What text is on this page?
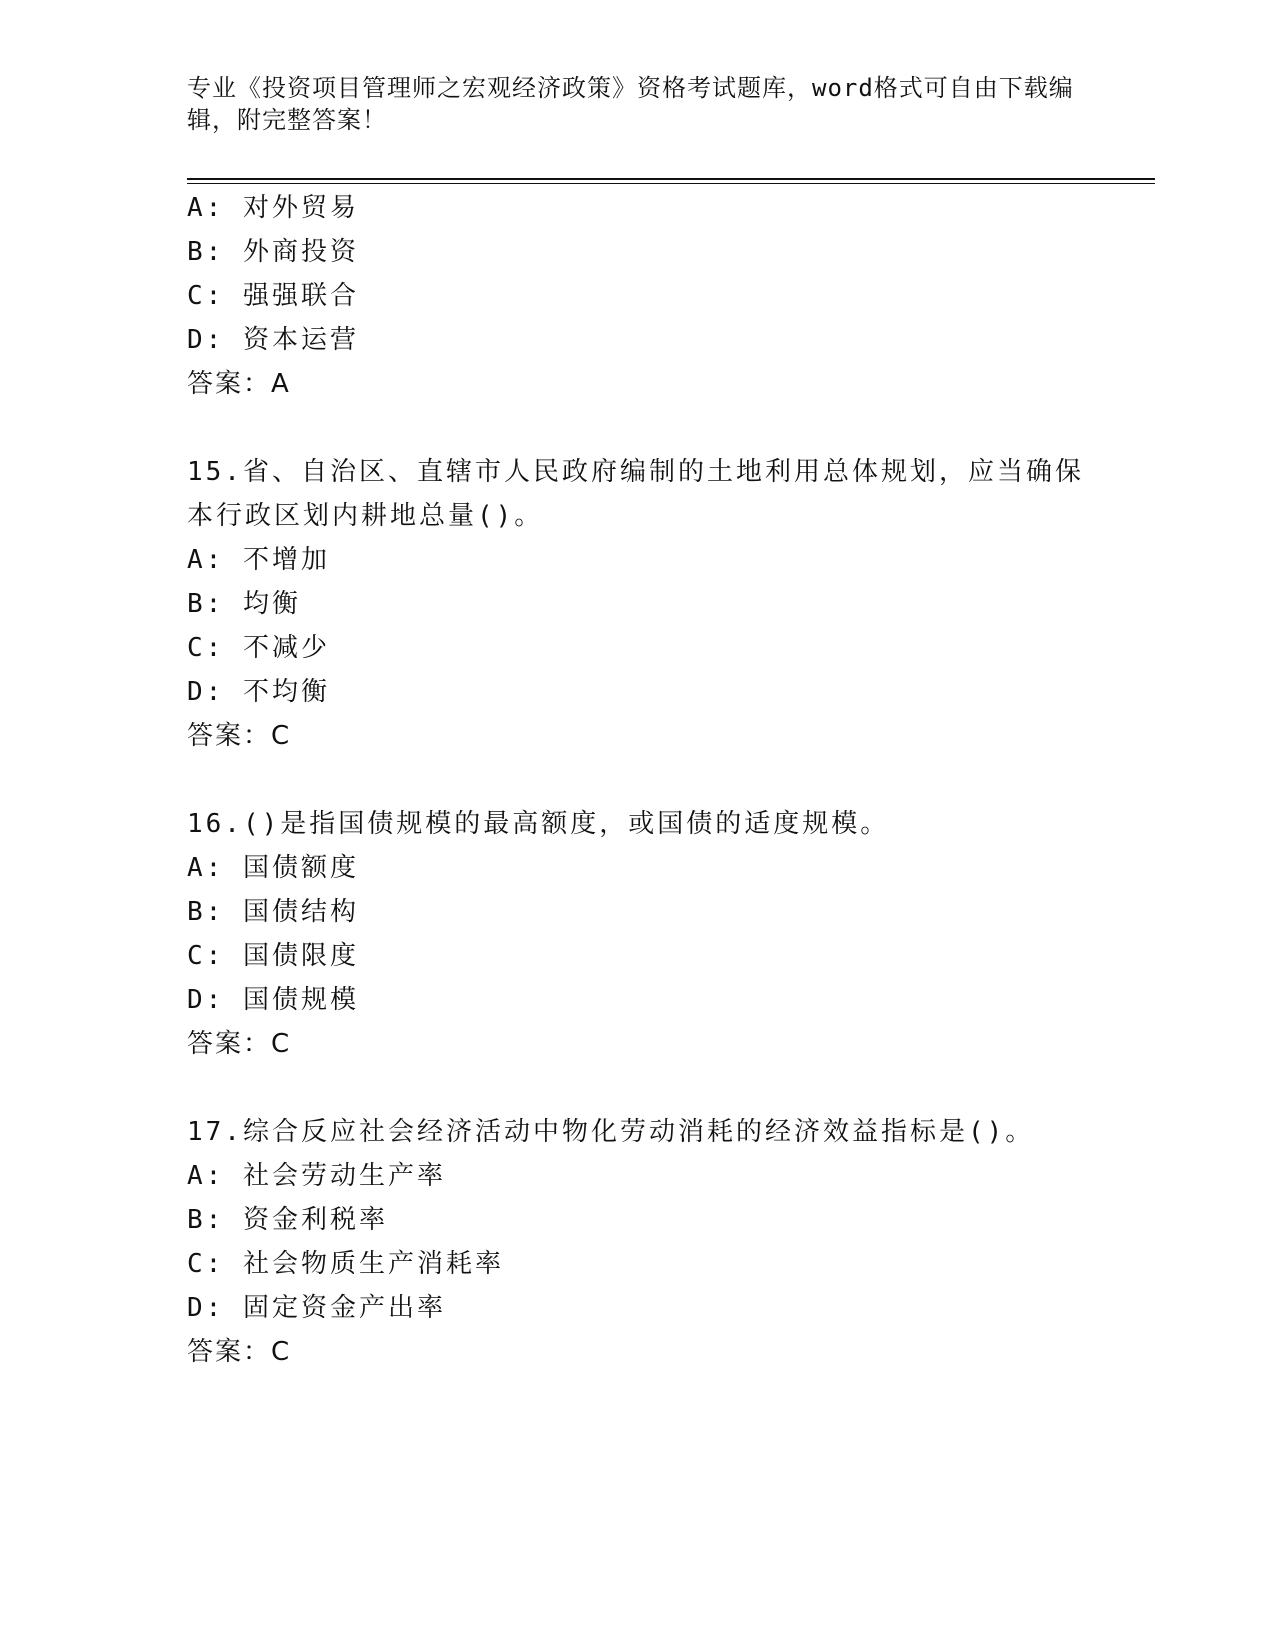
专业《投资项目管理师之宏观经济政策》资格考试题库，word格式可自由下载编辑，附完整答案！
A: 对外贸易
B: 外商投资
C: 强强联合
D: 资本运营
答案：A
15.省、自治区、直辖市人民政府编制的土地利用总体规划，应当确保
本行政区划内耕地总量()。
A: 不增加
B: 均衡
C: 不减少
D: 不均衡
答案：C
16.()是指国债规模的最高额度，或国债的适度规模。
A: 国债额度
B: 国债结构
C: 国债限度
D: 国债规模
答案：C
17.综合反应社会经济活动中物化劳动消耗的经济效益指标是()。
A: 社会劳动生产率
B: 资金利税率
C: 社会物质生产消耗率
D: 固定资金产出率
答案：C
